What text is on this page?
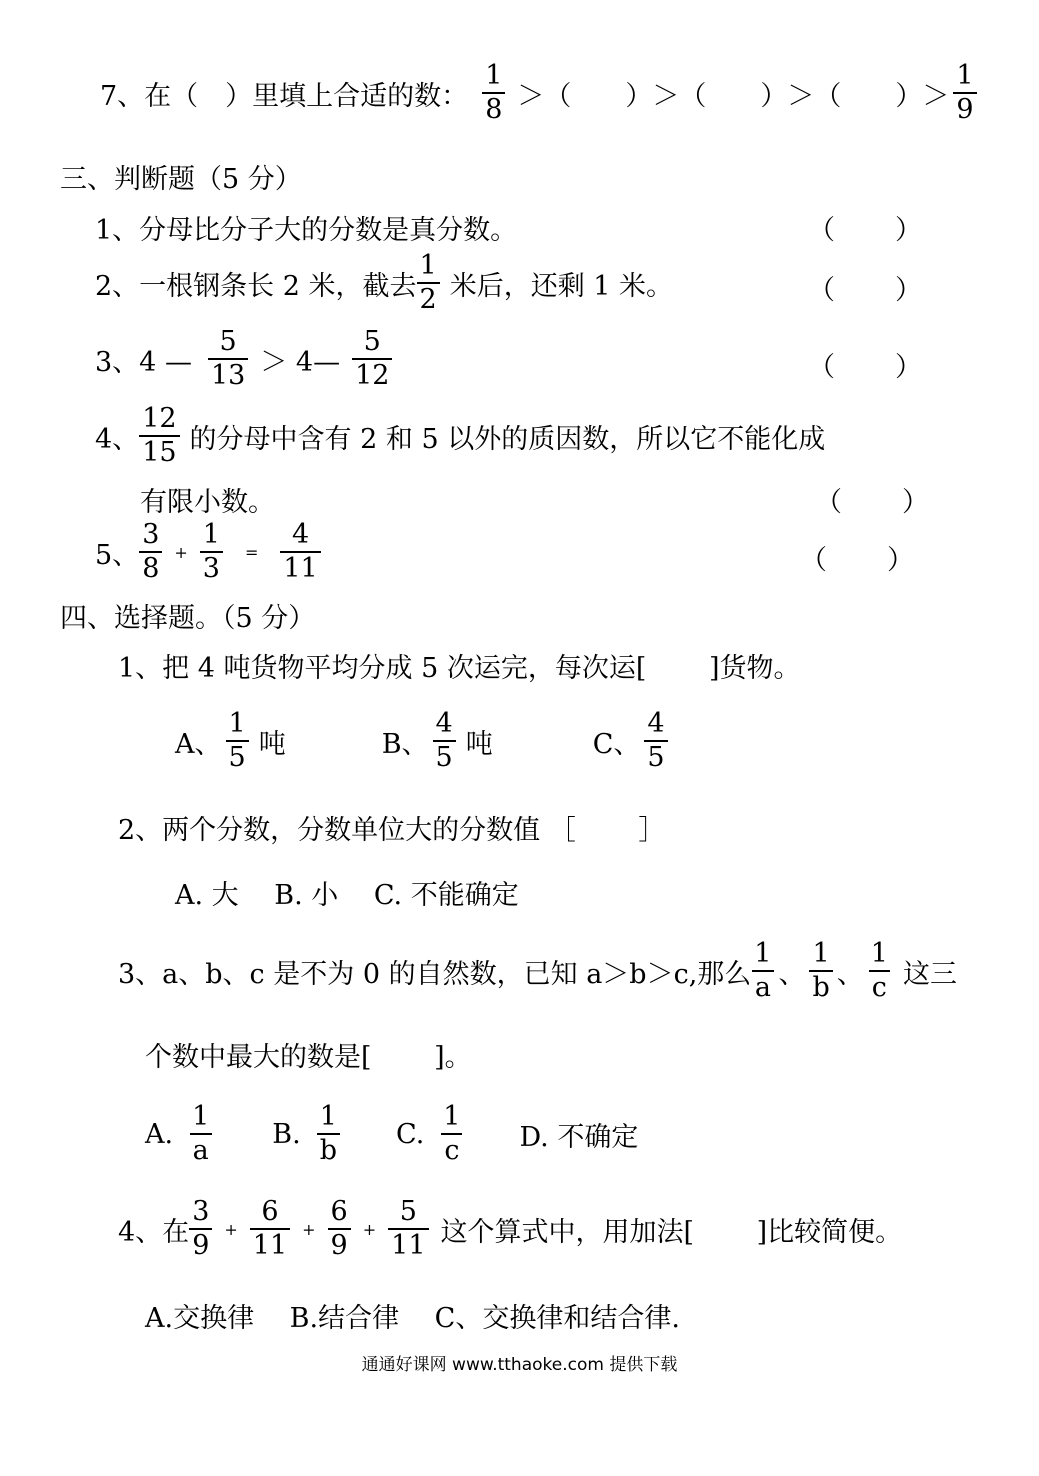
7、在（　）里填上合适的数： $\frac{1}{8}$ ＞（　　）＞（　　）＞（　　）＞ $\frac{1}{9}$
三、判断题（5 分）
1、分母比分子大的分数是真分数。	（　　）
2、一根钢条长 2 米，截去 $\frac{1}{2}$ 米后，还剩 1 米。	（　　）
3、4 — $\frac{5}{13}$ ＞ 4— $\frac{5}{12}$	（　　）
4、 $\frac{12}{15}$ 的分母中含有 2 和 5 以外的质因数，所以它不能化成
有限小数。	（　　）
5、 $\frac{3}{8} + \frac{1}{3} = \frac{4}{11}$	（　　）
四、选择题。（5 分）
1、把 4 吨货物平均分成 5 次运完，每次运[　　 ]货物。
A、 $\frac{1}{5}$ 吨	B、 $\frac{4}{5}$ 吨	C、 $\frac{4}{5}$
2、两个分数，分数单位大的分数值 ［　　 ］
A. 大　 B. 小　 C. 不能确定
3、a、b、c 是不为 0 的自然数，已知 a＞b＞c,那么 $\frac{1}{a}$ 、 $\frac{1}{b}$ 、 $\frac{1}{c}$ 这三
个数中最大的数是[　　 ]。
A. $\frac{1}{a} B$. $\frac{1}{b} C$. $\frac{1}{c} D$. 不确定
4、在 $\frac{3}{9} + \frac{6}{11} + \frac{6}{9} + \frac{5}{11}$ 这个算式中，用加法[　　 ]比较简便。
A.交换律　 B.结合律　 C、交换律和结合律.
通通好课网 www.tthaoke.com 提供下载
